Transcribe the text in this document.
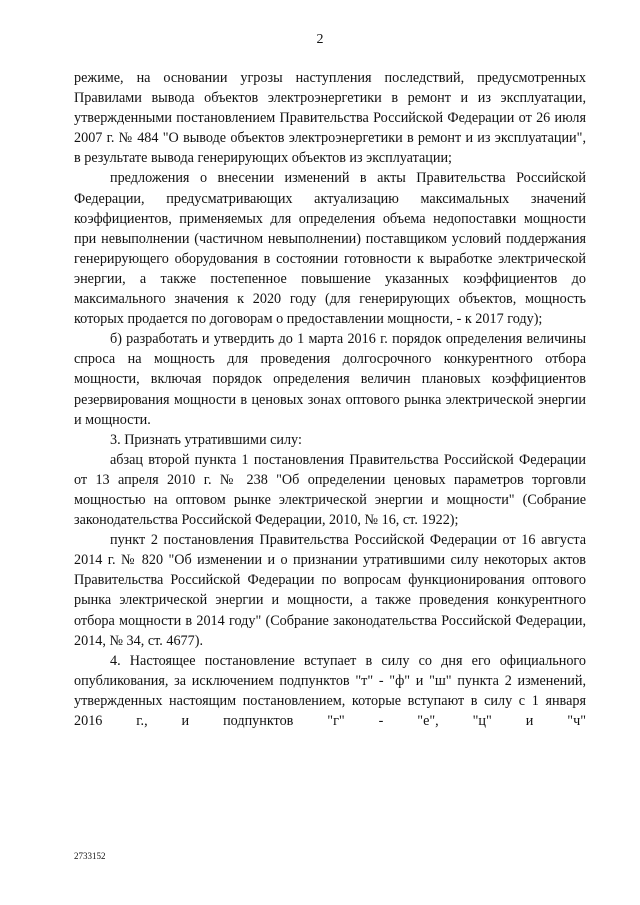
2

режиме, на основании угрозы наступления последствий, предусмотренных Правилами вывода объектов электроэнергетики в ремонт и из эксплуатации, утвержденными постановлением Правительства Российской Федерации от 26 июля 2007 г. № 484 "О выводе объектов электроэнергетики в ремонт и из эксплуатации", в результате вывода генерирующих объектов из эксплуатации;

предложения о внесении изменений в акты Правительства Российской Федерации, предусматривающих актуализацию максимальных значений коэффициентов, применяемых для определения объема недопоставки мощности при невыполнении (частичном невыполнении) поставщиком условий поддержания генерирующего оборудования в состоянии готовности к выработке электрической энергии, а также постепенное повышение указанных коэффициентов до максимального значения к 2020 году (для генерирующих объектов, мощность которых продается по договорам о предоставлении мощности, - к 2017 году);

б) разработать и утвердить до 1 марта 2016 г. порядок определения величины спроса на мощность для проведения долгосрочного конкурентного отбора мощности, включая порядок определения величин плановых коэффициентов резервирования мощности в ценовых зонах оптового рынка электрической энергии и мощности.

3. Признать утратившими силу:

абзац второй пункта 1 постановления Правительства Российской Федерации от 13 апреля 2010 г. № 238 "Об определении ценовых параметров торговли мощностью на оптовом рынке электрической энергии и мощности" (Собрание законодательства Российской Федерации, 2010, № 16, ст. 1922);

пункт 2 постановления Правительства Российской Федерации от 16 августа 2014 г. № 820 "Об изменении и о признании утратившими силу некоторых актов Правительства Российской Федерации по вопросам функционирования оптового рынка электрической энергии и мощности, а также проведения конкурентного отбора мощности в 2014 году" (Собрание законодательства Российской Федерации, 2014, № 34, ст. 4677).

4. Настоящее постановление вступает в силу со дня его официального опубликования, за исключением подпунктов "т" - "ф" и "ш" пункта 2 изменений, утвержденных настоящим постановлением, которые вступают в силу с 1 января 2016 г., и подпунктов "г" - "е", "ц" и "ч"

2733152
